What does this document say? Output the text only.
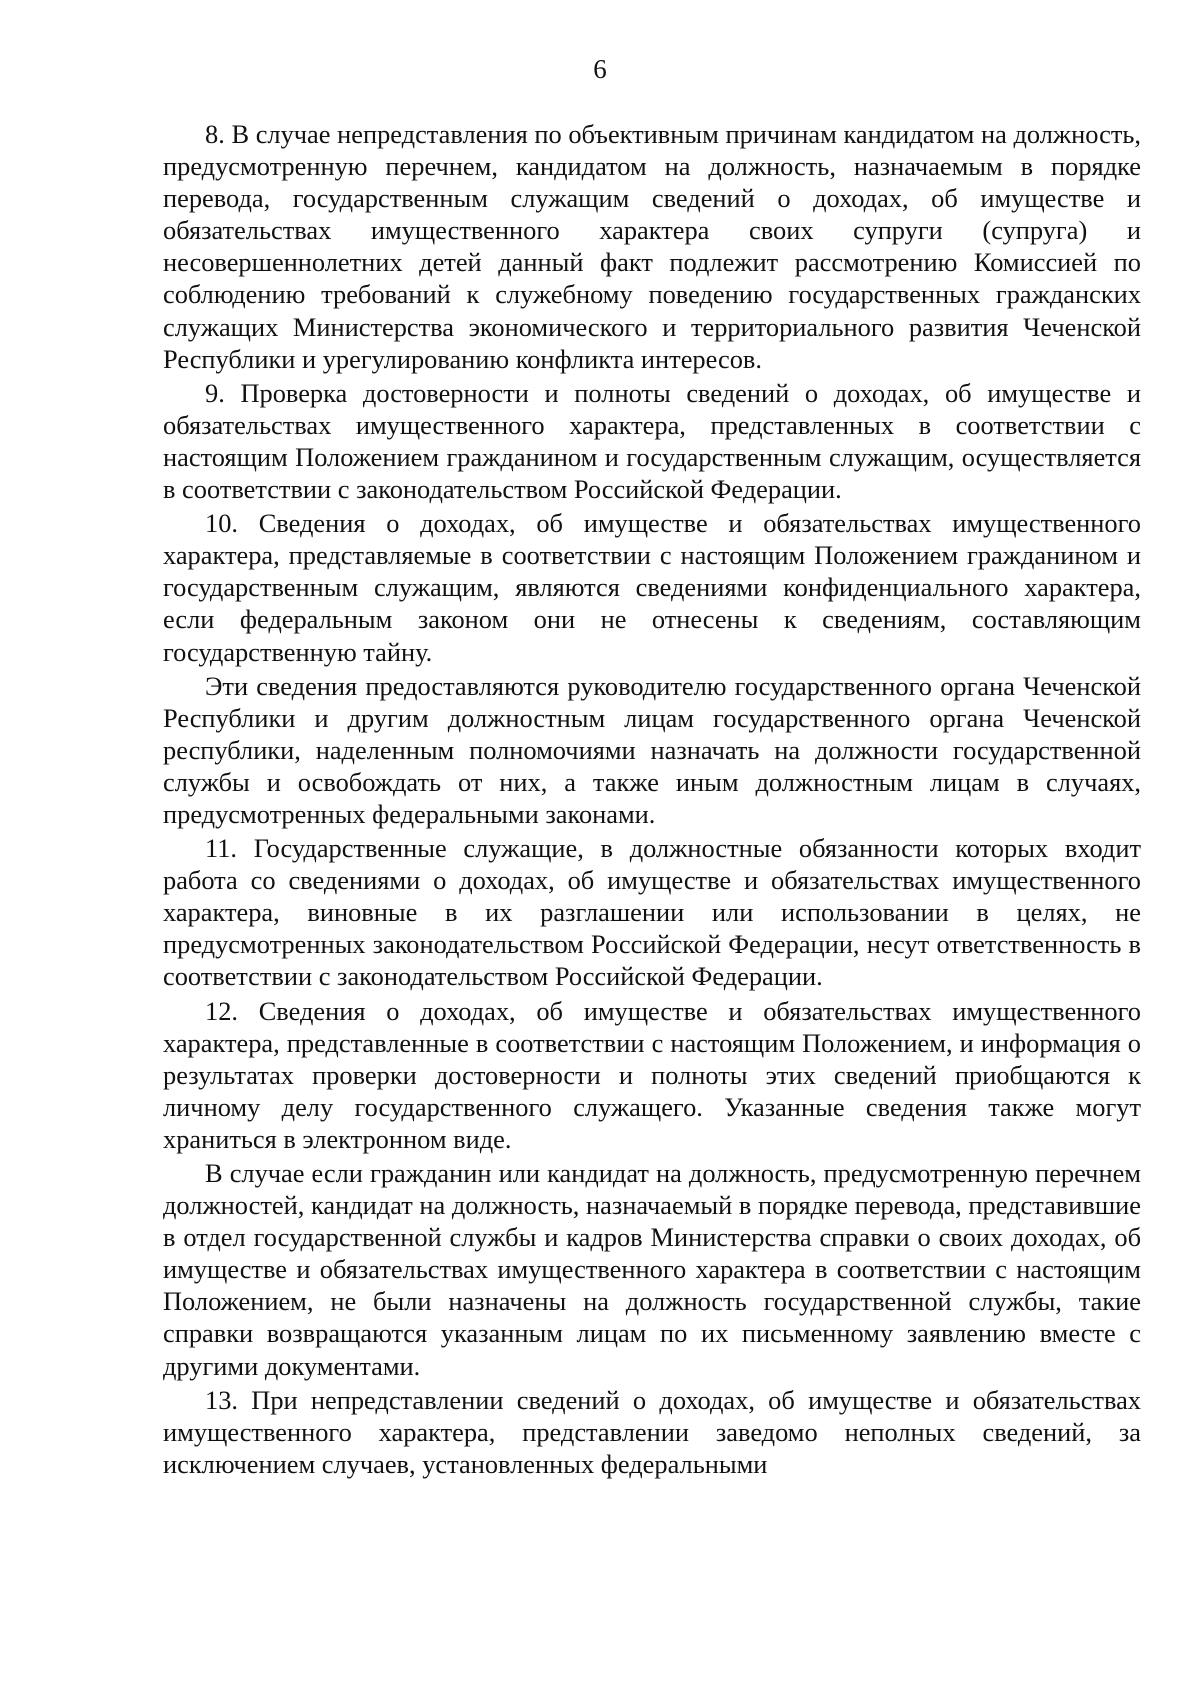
6

8. В случае непредставления по объективным причинам кандидатом на должность, предусмотренную перечнем, кандидатом на должность, назначаемым в порядке перевода, государственным служащим сведений о доходах, об имуществе и обязательствах имущественного характера своих супруги (супруга) и несовершеннолетних детей данный факт подлежит рассмотрению Комиссией по соблюдению требований к служебному поведению государственных гражданских служащих Министерства экономического и территориального развития Чеченской Республики и урегулированию конфликта интересов.

9. Проверка достоверности и полноты сведений о доходах, об имуществе и обязательствах имущественного характера, представленных в соответствии с настоящим Положением гражданином и государственным служащим, осуществляется в соответствии с законодательством Российской Федерации.

10. Сведения о доходах, об имуществе и обязательствах имущественного характера, представляемые в соответствии с настоящим Положением гражданином и государственным служащим, являются сведениями конфиденциального характера, если федеральным законом они не отнесены к сведениям, составляющим государственную тайну.

Эти сведения предоставляются руководителю государственного органа Чеченской Республики и другим должностным лицам государственного органа Чеченской республики, наделенным полномочиями назначать на должности государственной службы и освобождать от них, а также иным должностным лицам в случаях, предусмотренных федеральными законами.

11. Государственные служащие, в должностные обязанности которых входит работа со сведениями о доходах, об имуществе и обязательствах имущественного характера, виновные в их разглашении или использовании в целях, не предусмотренных законодательством Российской Федерации, несут ответственность в соответствии с законодательством Российской Федерации.

12. Сведения о доходах, об имуществе и обязательствах имущественного характера, представленные в соответствии с настоящим Положением, и информация о результатах проверки достоверности и полноты этих сведений приобщаются к личному делу государственного служащего. Указанные сведения также могут храниться в электронном виде.

В случае если гражданин или кандидат на должность, предусмотренную перечнем должностей, кандидат на должность, назначаемый в порядке перевода, представившие в отдел государственной службы и кадров Министерства справки о своих доходах, об имуществе и обязательствах имущественного характера в соответствии с настоящим Положением, не были назначены на должность государственной службы, такие справки возвращаются указанным лицам по их письменному заявлению вместе с другими документами.

13. При непредставлении сведений о доходах, об имуществе и обязательствах имущественного характера, представлении заведомо неполных сведений, за исключением случаев, установленных федеральными
